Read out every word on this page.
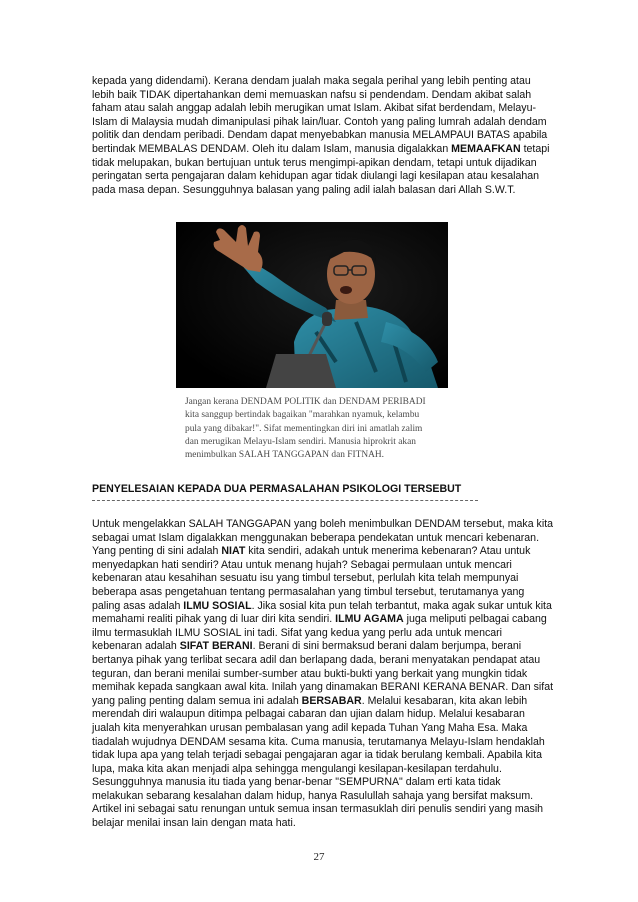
kepada yang didendami). Kerana dendam jualah maka segala perihal yang lebih penting atau lebih baik TIDAK dipertahankan demi memuaskan nafsu si pendendam. Dendam akibat salah faham atau salah anggap adalah lebih merugikan umat Islam. Akibat sifat berdendam, Melayu-Islam di Malaysia mudah dimanipulasi pihak lain/luar. Contoh yang paling lumrah adalah dendam politik dan dendam peribadi. Dendam dapat menyebabkan manusia MELAMPAUI BATAS apabila bertindak MEMBALAS DENDAM. Oleh itu dalam Islam, manusia digalakkan MEMAAFKAN tetapi tidak melupakan, bukan bertujuan untuk terus mengimpi-apikan dendam, tetapi untuk dijadikan peringatan serta pengajaran dalam kehidupan agar tidak diulangi lagi kesilapan atau kesalahan pada masa depan. Sesungguhnya balasan yang paling adil ialah balasan dari Allah S.W.T.

Jangan kerana DENDAM POLITIK dan DENDAM PERIBADI
kita sanggup bertindak bagaikan "marahkan nyamuk, kelambu
pula yang dibakar!". Sifat mementingkan diri ini amatlah zalim
dan merugikan Melayu-Islam sendiri. Manusia hiprokrit akan
menimbulkan SALAH TANGGAPAN dan FITNAH.

PENYELESAIAN KEPADA DUA PERMASALAHAN PSIKOLOGI TERSEBUT

Untuk mengelakkan SALAH TANGGAPAN yang boleh menimbulkan DENDAM tersebut, maka kita sebagai umat Islam digalakkan menggunakan beberapa pendekatan untuk mencari kebenaran. Yang penting di sini adalah NIAT kita sendiri, adakah untuk menerima kebenaran? Atau untuk menyedapkan hati sendiri? Atau untuk menang hujah? Sebagai permulaan untuk mencari kebenaran atau kesahihan sesuatu isu yang timbul tersebut, perlulah kita telah mempunyai beberapa asas pengetahuan tentang permasalahan yang timbul tersebut, terutamanya yang paling asas adalah ILMU SOSIAL. Jika sosial kita pun telah terbantut, maka agak sukar untuk kita memahami realiti pihak yang di luar diri kita sendiri. ILMU AGAMA juga meliputi pelbagai cabang ilmu termasuklah ILMU SOSIAL ini tadi. Sifat yang kedua yang perlu ada untuk mencari kebenaran adalah SIFAT BERANI. Berani di sini bermaksud berani dalam berjumpa, berani bertanya pihak yang terlibat secara adil dan berlapang dada, berani menyatakan pendapat atau teguran, dan berani menilai sumber-sumber atau bukti-bukti yang berkait yang mungkin tidak memihak kepada sangkaan awal kita. Inilah yang dinamakan BERANI KERANA BENAR. Dan sifat yang paling penting dalam semua ini adalah BERSABAR. Melalui kesabaran, kita akan lebih merendah diri walaupun ditimpa pelbagai cabaran dan ujian dalam hidup. Melalui kesabaran jualah kita menyerahkan urusan pembalasan yang adil kepada Tuhan Yang Maha Esa. Maka tiadalah wujudnya DENDAM sesama kita. Cuma manusia, terutamanya Melayu-Islam hendaklah tidak lupa apa yang telah terjadi sebagai pengajaran agar ia tidak berulang kembali. Apabila kita lupa, maka kita akan menjadi alpa sehingga mengulangi kesilapan-kesilapan terdahulu. Sesungguhnya manusia itu tiada yang benar-benar "SEMPURNA" dalam erti kata tidak melakukan sebarang kesalahan dalam hidup, hanya Rasulullah sahaja yang bersifat maksum. Artikel ini sebagai satu renungan untuk semua insan termasuklah diri penulis sendiri yang masih belajar menilai insan lain dengan mata hati.

27
